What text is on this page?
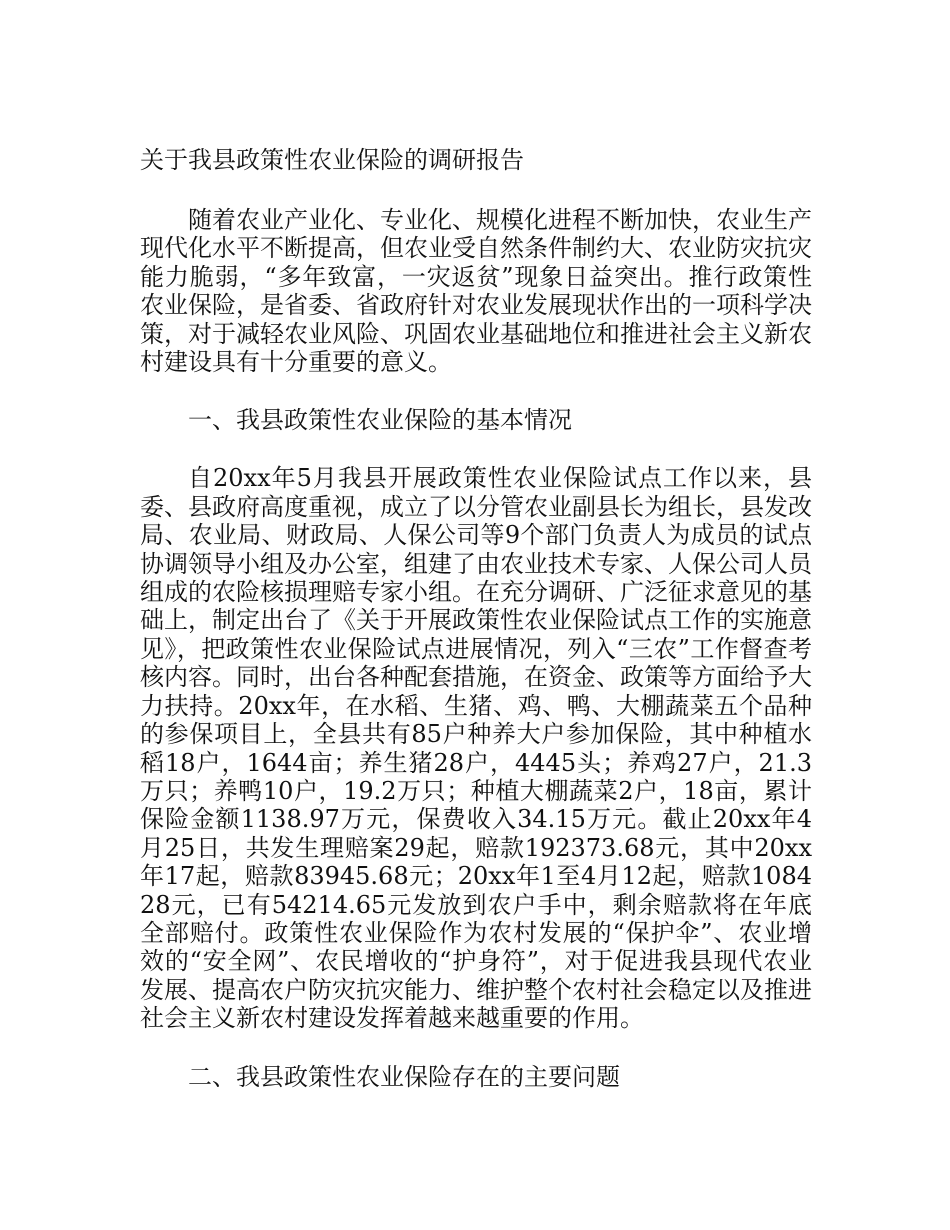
关于我县政策性农业保险的调研报告

随着农业产业化、专业化、规模化进程不断加快，农业生产现代化水平不断提高，但农业受自然条件制约大、农业防灾抗灾能力脆弱，“多年致富，一灾返贫”现象日益突出。推行政策性农业保险，是省委、省政府针对农业发展现状作出的一项科学决策，对于减轻农业风险、巩固农业基础地位和推进社会主义新农村建设具有十分重要的意义。

一、我县政策性农业保险的基本情况

自20xx年5月我县开展政策性农业保险试点工作以来，县委、县政府高度重视，成立了以分管农业副县长为组长，县发改局、农业局、财政局、人保公司等9个部门负责人为成员的试点协调领导小组及办公室，组建了由农业技术专家、人保公司人员组成的农险核损理赔专家小组。在充分调研、广泛征求意见的基础上，制定出台了《关于开展政策性农业保险试点工作的实施意见》，把政策性农业保险试点进展情况，列入“三农”工作督查考核内容。同时，出台各种配套措施，在资金、政策等方面给予大力扶持。20xx年，在水稻、生猪、鸡、鸭、大棚蔬菜五个品种的参保项目上，全县共有85户种养大户参加保险，其中种植水稻18户，1644亩；养生猪28户，4445头；养鸡27户，21.3万只；养鸭10户，19.2万只；种植大棚蔬菜2户，18亩，累计保险金额1138.97万元，保费收入34.15万元。截止20xx年4月25日，共发生理赔案29起，赔款192373.68元，其中20xx年17起，赔款83945.68元；20xx年1至4月12起，赔款108428元，已有54214.65元发放到农户手中，剩余赔款将在年底全部赔付。政策性农业保险作为农村发展的“保护伞”、农业增效的“安全网”、农民增收的“护身符”，对于促进我县现代农业发展、提高农户防灾抗灾能力、维护整个农村社会稳定以及推进社会主义新农村建设发挥着越来越重要的作用。

二、我县政策性农业保险存在的主要问题
